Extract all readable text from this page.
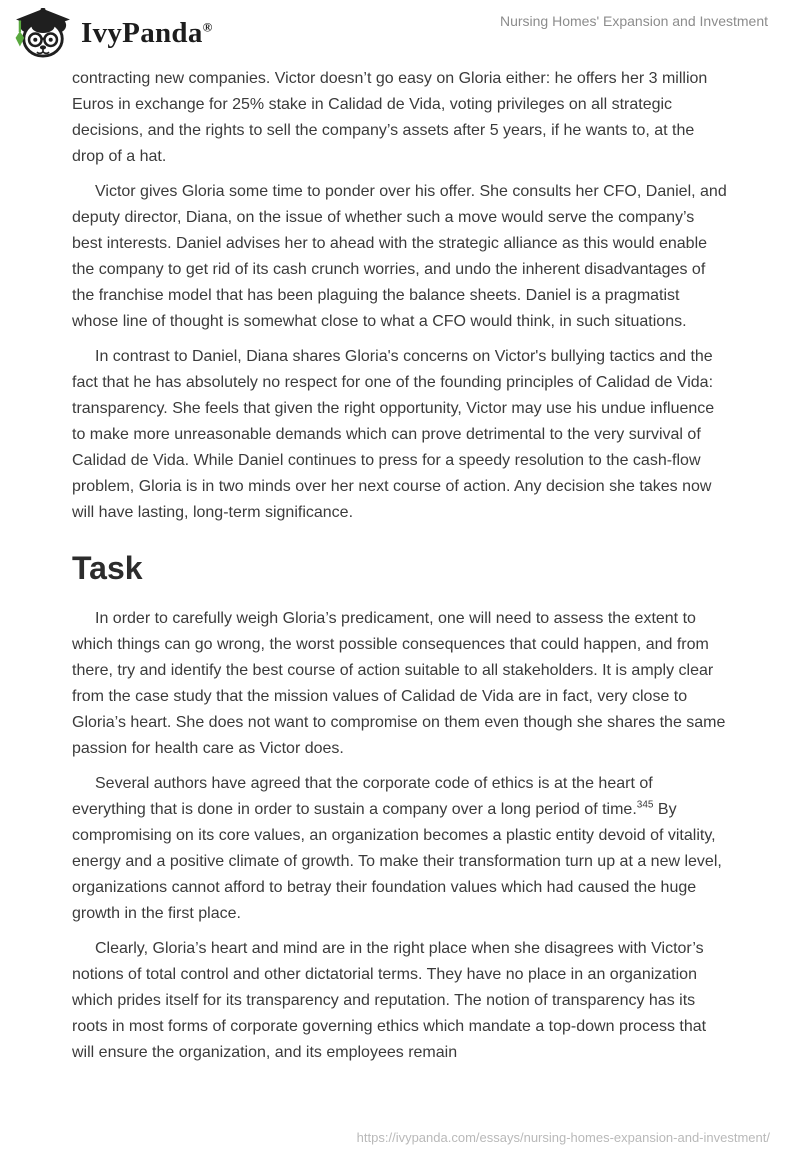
IvyPanda®	Nursing Homes' Expansion and Investment

contracting new companies. Victor doesn’t go easy on Gloria either: he offers her 3 million Euros in exchange for 25% stake in Calidad de Vida, voting privileges on all strategic decisions, and the rights to sell the company’s assets after 5 years, if he wants to, at the drop of a hat.

Victor gives Gloria some time to ponder over his offer. She consults her CFO, Daniel, and deputy director, Diana, on the issue of whether such a move would serve the company’s best interests. Daniel advises her to ahead with the strategic alliance as this would enable the company to get rid of its cash crunch worries, and undo the inherent disadvantages of the franchise model that has been plaguing the balance sheets. Daniel is a pragmatist whose line of thought is somewhat close to what a CFO would think, in such situations.

In contrast to Daniel, Diana shares Gloria's concerns on Victor's bullying tactics and the fact that he has absolutely no respect for one of the founding principles of Calidad de Vida: transparency. She feels that given the right opportunity, Victor may use his undue influence to make more unreasonable demands which can prove detrimental to the very survival of Calidad de Vida. While Daniel continues to press for a speedy resolution to the cash-flow problem, Gloria is in two minds over her next course of action. Any decision she takes now will have lasting, long-term significance.

Task

In order to carefully weigh Gloria’s predicament, one will need to assess the extent to which things can go wrong, the worst possible consequences that could happen, and from there, try and identify the best course of action suitable to all stakeholders. It is amply clear from the case study that the mission values of Calidad de Vida are in fact, very close to Gloria’s heart. She does not want to compromise on them even though she shares the same passion for health care as Victor does.

Several authors have agreed that the corporate code of ethics is at the heart of everything that is done in order to sustain a company over a long period of time.$^{345}$ By compromising on its core values, an organization becomes a plastic entity devoid of vitality, energy and a positive climate of growth. To make their transformation turn up at a new level, organizations cannot afford to betray their foundation values which had caused the huge growth in the first place.

Clearly, Gloria’s heart and mind are in the right place when she disagrees with Victor’s notions of total control and other dictatorial terms. They have no place in an organization which prides itself for its transparency and reputation. The notion of transparency has its roots in most forms of corporate governing ethics which mandate a top-down process that will ensure the organization, and its employees remain

https://ivypanda.com/essays/nursing-homes-expansion-and-investment/
